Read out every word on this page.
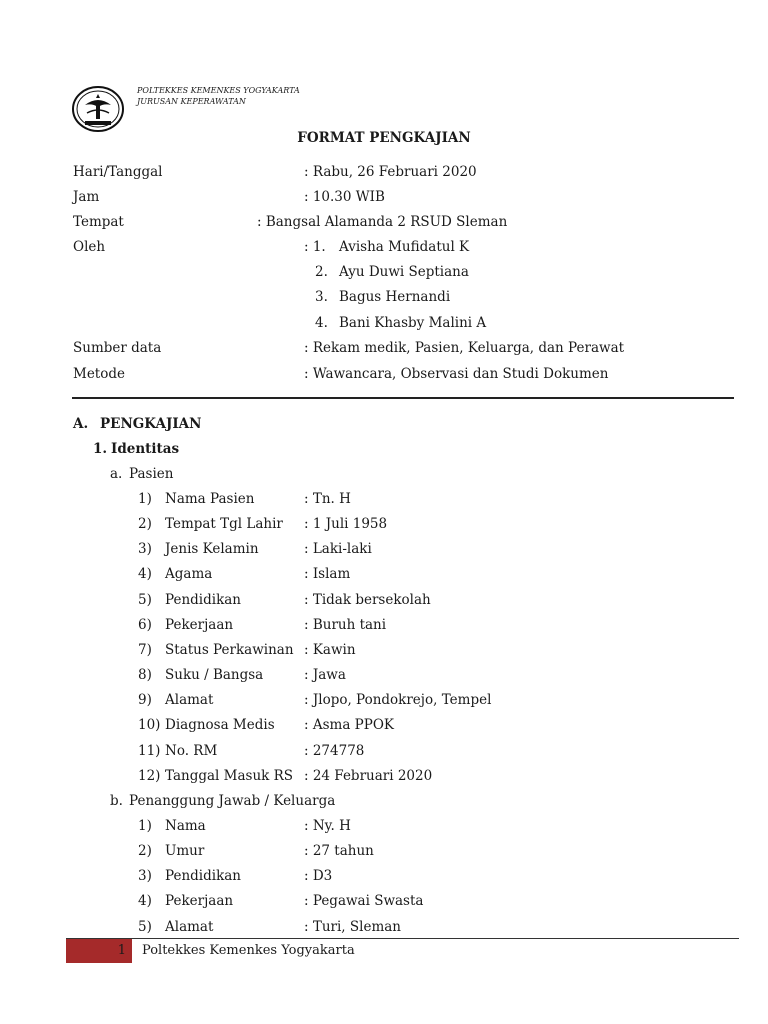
POLTEKKES KEMENKES YOGYAKARTA
JURUSAN KEPERAWATAN
FORMAT PENGKAJIAN
Hari/Tanggal	: Rabu, 26 Februari 2020
Jam	: 10.30 WIB
Tempat	: Bangsal Alamanda 2 RSUD Sleman
Oleh	: 1. Avisha Mufidatul K
2. Ayu Duwi Septiana
3. Bagus Hernandi
4. Bani Khasby Malini A
Sumber data	: Rekam medik, Pasien, Keluarga, dan Perawat
Metode	: Wawancara, Observasi dan Studi Dokumen
A. PENGKAJIAN
1. Identitas
a. Pasien
1) Nama Pasien	: Tn. H
2) Tempat Tgl Lahir : 1 Juli 1958
3) Jenis Kelamin	: Laki-laki
4) Agama	: Islam
5) Pendidikan	: Tidak bersekolah
6) Pekerjaan	: Buruh tani
7) Status Perkawinan : Kawin
8) Suku / Bangsa	: Jawa
9) Alamat	: Jlopo, Pondokrejo, Tempel
10) Diagnosa Medis : Asma PPOK
11) No. RM	: 274778
12) Tanggal Masuk RS : 24 Februari 2020
b. Penanggung Jawab / Keluarga
1) Nama	: Ny. H
2) Umur	: 27 tahun
3) Pendidikan	: D3
4) Pekerjaan	: Pegawai Swasta
5) Alamat	: Turi, Sleman
1 Poltekkes Kemenkes Yogyakarta
